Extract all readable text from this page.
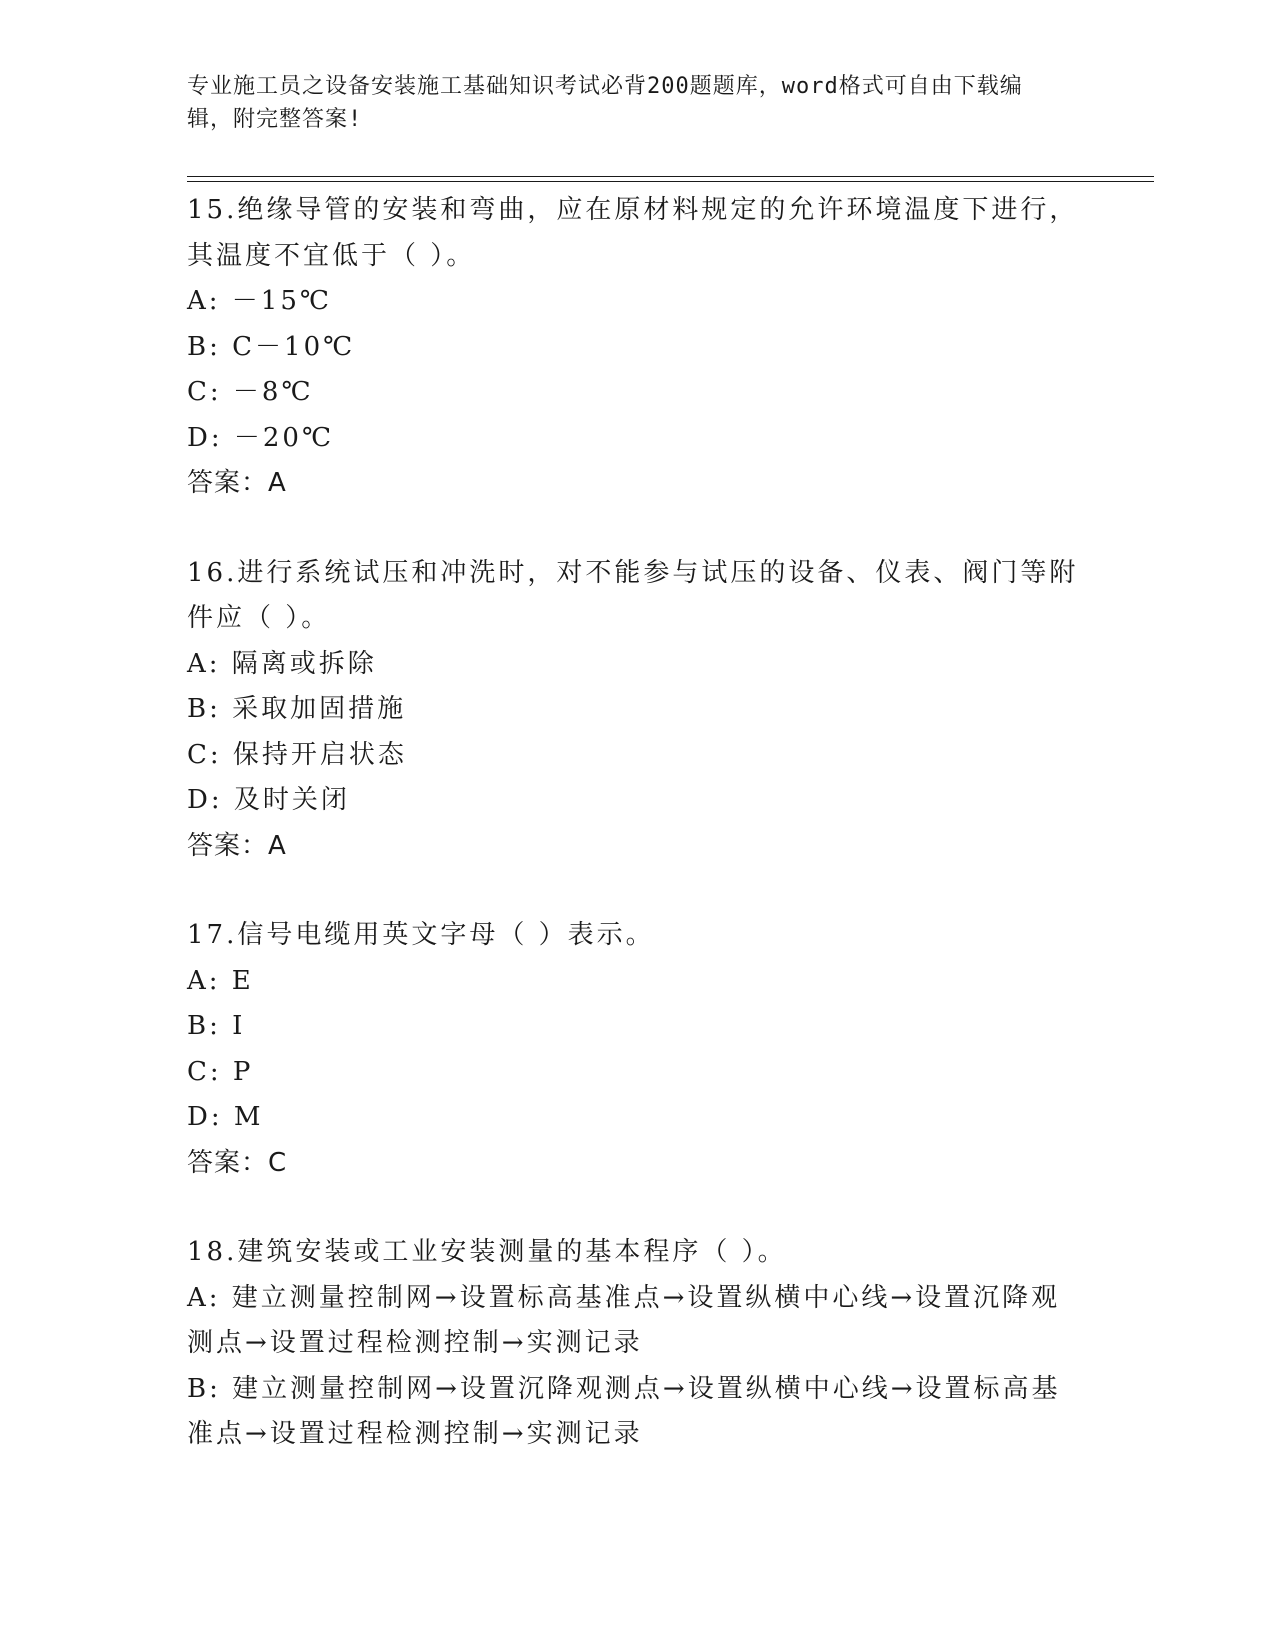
专业施工员之设备安装施工基础知识考试必背200题题库，word格式可自由下载编辑，附完整答案!

15.绝缘导管的安装和弯曲，应在原材料规定的允许环境温度下进行，其温度不宜低于（ ）。

A: －15℃

B: C－10℃

C: －8℃

D: －20℃

答案：A

16.进行系统试压和冲洗时，对不能参与试压的设备、仪表、阀门等附件应（ ）。

A: 隔离或拆除

B: 采取加固措施

C: 保持开启状态

D: 及时关闭

答案：A

17.信号电缆用英文字母（ ）表示。

A: E

B: I

C: P

D: M

答案：C

18.建筑安装或工业安装测量的基本程序（ ）。

A: 建立测量控制网→设置标高基准点→设置纵横中心线→设置沉降观测点→设置过程检测控制→实测记录

B: 建立测量控制网→设置沉降观测点→设置纵横中心线→设置标高基准点→设置过程检测控制→实测记录
